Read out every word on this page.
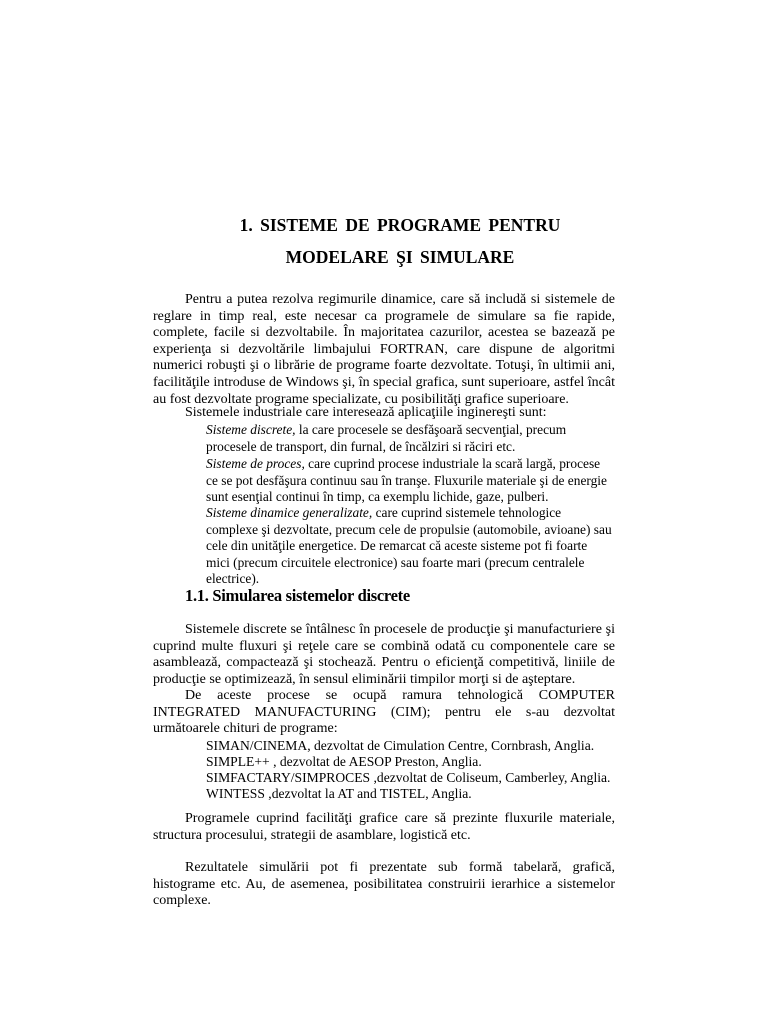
1. SISTEME DE PROGRAME PENTRU
MODELARE ŞI SIMULARE

Pentru a putea rezolva regimurile dinamice, care să includă si sistemele de reglare in timp real, este necesar ca programele de simulare sa fie rapide, complete, facile si dezvoltabile. În majoritatea cazurilor, acestea se bazează pe experienţa si dezvoltările limbajului FORTRAN, care dispune de algoritmi numerici robuşti şi o librărie de programe foarte dezvoltate. Totuşi, în ultimii ani, facilităţile introduse de Windows şi, în special grafica, sunt superioare, astfel încât au fost dezvoltate programe specializate, cu posibilităţi grafice superioare.

Sistemele industriale care interesează aplicaţiile inginereşti sunt:

Sisteme discrete, la care procesele se desfăşoară secvenţial, precum procesele de transport, din furnal, de încălziri si răciri etc.

Sisteme de proces, care cuprind procese industriale la scară largă, procese ce se pot desfăşura continuu sau în tranşe. Fluxurile materiale şi de energie sunt esenţial continui în timp, ca exemplu lichide, gaze, pulberi.

Sisteme dinamice generalizate, care cuprind sistemele tehnologice complexe şi dezvoltate, precum cele de propulsie (automobile, avioane) sau cele din unităţile energetice. De remarcat că aceste sisteme pot fi foarte mici (precum circuitele electronice) sau foarte mari (precum centralele electrice).

1.1. Simularea sistemelor discrete

Sistemele discrete se întâlnesc în procesele de producţie şi manufacturiere şi cuprind multe fluxuri şi reţele care se combină odată cu componentele care se asamblează, compactează şi stochează. Pentru o eficienţă competitivă, liniile de producţie se optimizează, în sensul eliminării timpilor morţi si de aşteptare.

De aceste procese se ocupă ramura tehnologică COMPUTER INTEGRATED MANUFACTURING (CIM); pentru ele s-au dezvoltat următoarele chituri de programe:

SIMAN/CINEMA, dezvoltat de Cimulation Centre, Cornbrash, Anglia.

SIMPLE++ , dezvoltat de AESOP Preston, Anglia.

SIMFACTARY/SIMPROCES ,dezvoltat de Coliseum, Camberley, Anglia.

WINTESS ,dezvoltat la AT and TISTEL, Anglia.

Programele cuprind facilităţi grafice care să prezinte fluxurile materiale, structura procesului, strategii de asamblare, logistică etc.

Rezultatele simulării pot fi prezentate sub formă tabelară, grafică, histograme etc. Au, de asemenea, posibilitatea construirii ierarhice a sistemelor complexe.
